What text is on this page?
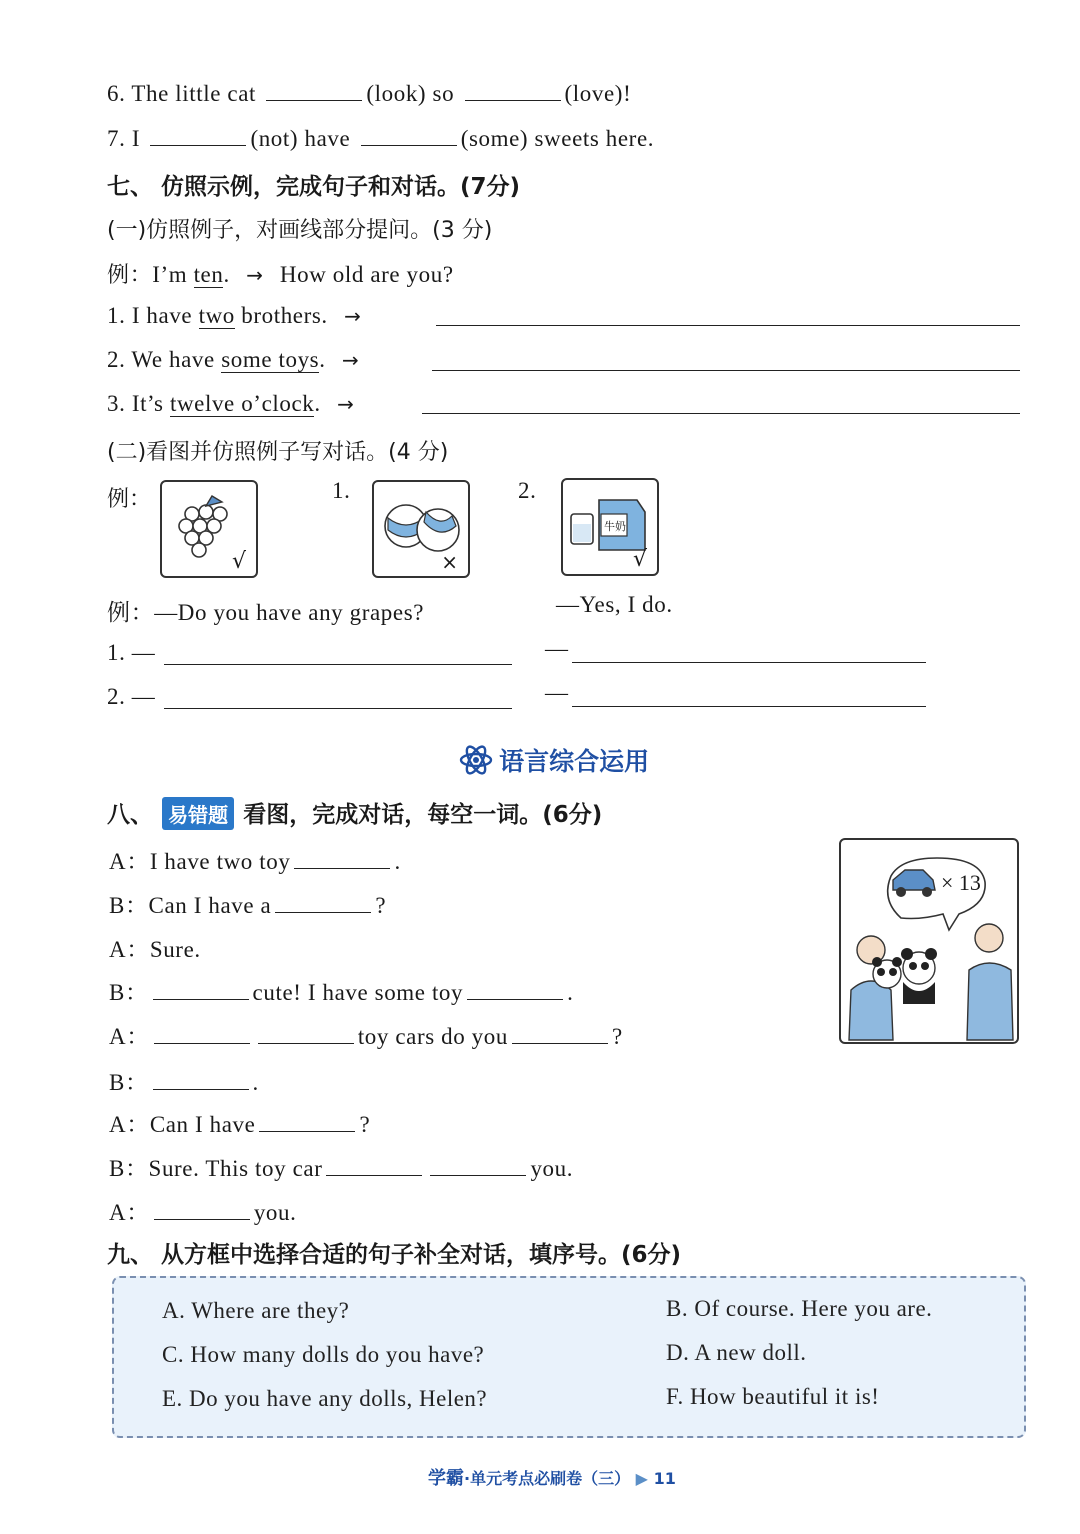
6. The little cat	(look) so	(love)!
7. I	(not) have	(some) sweets here.
七、 仿照示例，完成句子和对话。(7分)
(一)仿照例子，对画线部分提问。(3 分)
例：I’m ten. → How old are you?
1. I have two brothers. →
2. We have some toys. →
3. It’s twelve o’clock. →
(二)看图并仿照例子写对话。(4 分)
例：
√
1.
×
2.
牛奶
√
例：—Do you have any grapes?	—Yes, I do.
1. —	—
2. —	—
语言综合运用
八、 易错题 看图，完成对话，每空一词。(6分)
× 13
A：I have two toy	.
B：Can I have a	?
A：Sure.
B：	cute! I have some toy	.
A：	toy cars do you	?
B：	.
A：Can I have	?
B：Sure. This toy car	you.
A：	you.
九、 从方框中选择合适的句子补全对话，填序号。(6分)
A. Where are they?	B. Of course. Here you are.
C. How many dolls do you have?	D. A new doll.
E. Do you have any dolls, Helen?	F. How beautiful it is!
学霸·单元考点必刷卷（三） ▶ 11
